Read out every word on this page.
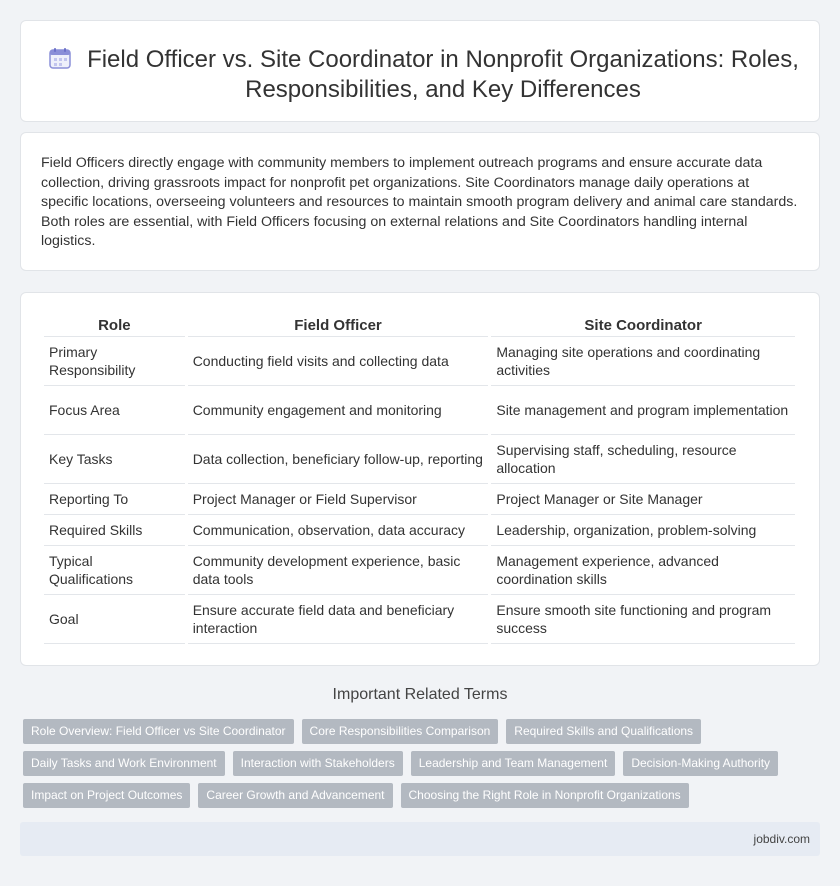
Field Officer vs. Site Coordinator in Nonprofit Organizations: Roles, Responsibilities, and Key Differences

Field Officers directly engage with community members to implement outreach programs and ensure accurate data collection, driving grassroots impact for nonprofit pet organizations. Site Coordinators manage daily operations at specific locations, overseeing volunteers and resources to maintain smooth program delivery and animal care standards. Both roles are essential, with Field Officers focusing on external relations and Site Coordinators handling internal logistics.

Role	Field Officer	Site Coordinator
Primary Responsibility	Conducting field visits and collecting data	Managing site operations and coordinating activities
Focus Area	Community engagement and monitoring	Site management and program implementation
Key Tasks	Data collection, beneficiary follow-up, reporting	Supervising staff, scheduling, resource allocation
Reporting To	Project Manager or Field Supervisor	Project Manager or Site Manager
Required Skills	Communication, observation, data accuracy	Leadership, organization, problem-solving
Typical Qualifications	Community development experience, basic data tools	Management experience, advanced coordination skills
Goal	Ensure accurate field data and beneficiary interaction	Ensure smooth site functioning and program success
Important Related Terms
Role Overview: Field Officer vs Site Coordinator	Core Responsibilities Comparison	Required Skills and Qualifications
Daily Tasks and Work Environment	Interaction with Stakeholders	Leadership and Team Management	Decision-Making Authority
Impact on Project Outcomes	Career Growth and Advancement	Choosing the Right Role in Nonprofit Organizations
jobdiv.com
